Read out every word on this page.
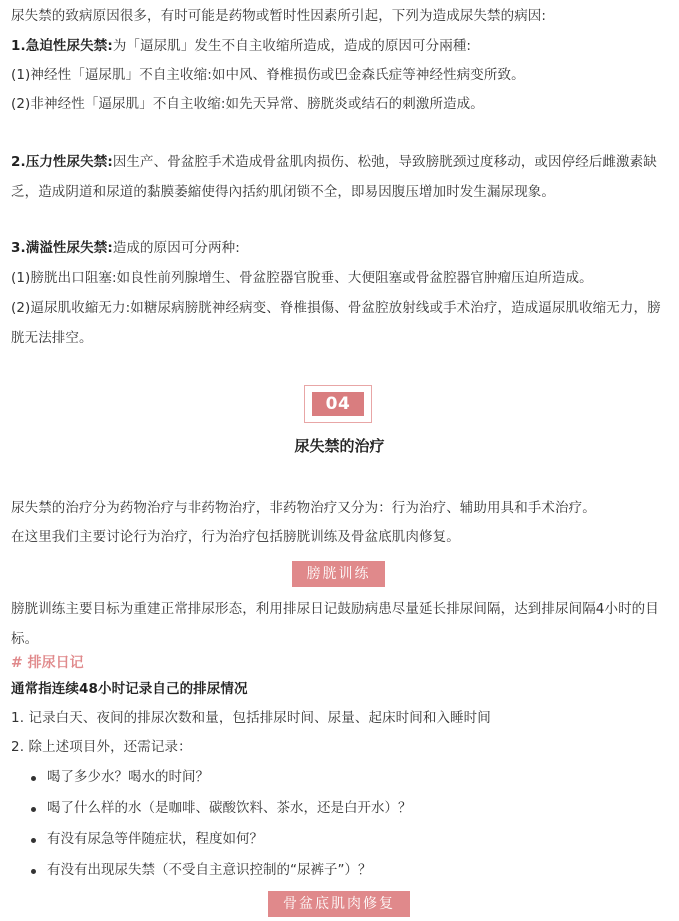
尿失禁的致病原因很多，有时可能是药物或暂时性因素所引起，下列为造成尿失禁的病因:
1.急迫性尿失禁:为「逼尿肌」发生不自主收缩所造成，造成的原因可分兩種:
(1)神经性「逼尿肌」不自主收缩:如中风、脊椎损伤或巴金森氏症等神经性病变所致。
(2)非神经性「逼尿肌」不自主收缩:如先天异常、膀胱炎或结石的刺激所造成。
2.压力性尿失禁:因生产、骨盆腔手术造成骨盆肌肉损伤、松弛，导致膀胱颈过度移动，或因停经后雌激素缺乏，造成阴道和尿道的黏膜萎縮使得內括約肌闭锁不全，即易因腹压增加时发生漏尿现象。
3.满溢性尿失禁:造成的原因可分两种:
(1)膀胱出口阻塞:如良性前列腺增生、骨盆腔器官脫垂、大便阻塞或骨盆腔器官肿瘤压迫所造成。
(2)逼尿肌收縮无力:如糖尿病膀胱神经病变、脊椎損傷、骨盆腔放射线或手术治疗，造成逼尿肌收缩无力，膀胱无法排空。
04
尿失禁的治疗
尿失禁的治疗分为药物治疗与非药物治疗，非药物治疗又分为：行为治疗、辅助用具和手术治疗。
在这里我们主要讨论行为治疗，行为治疗包括膀胱训练及骨盆底肌肉修复。
膀胱训练
膀胱训练主要目标为重建正常排尿形态，利用排尿日记鼓励病患尽量延长排尿间隔，达到排尿间隔4小时的目标。
# 排尿日记
通常指连续48小时记录自己的排尿情况
1. 记录白天、夜间的排尿次数和量，包括排尿时间、尿量、起床时间和入睡时间
2. 除上述项目外，还需记录：
喝了多少水？喝水的时间？
喝了什么样的水（是咖啡、碳酸饮料、茶水，还是白开水）？
有没有尿急等伴随症状，程度如何？
有没有出现尿失禁（不受自主意识控制的“尿裤子”）？
骨盆底肌肉修复
